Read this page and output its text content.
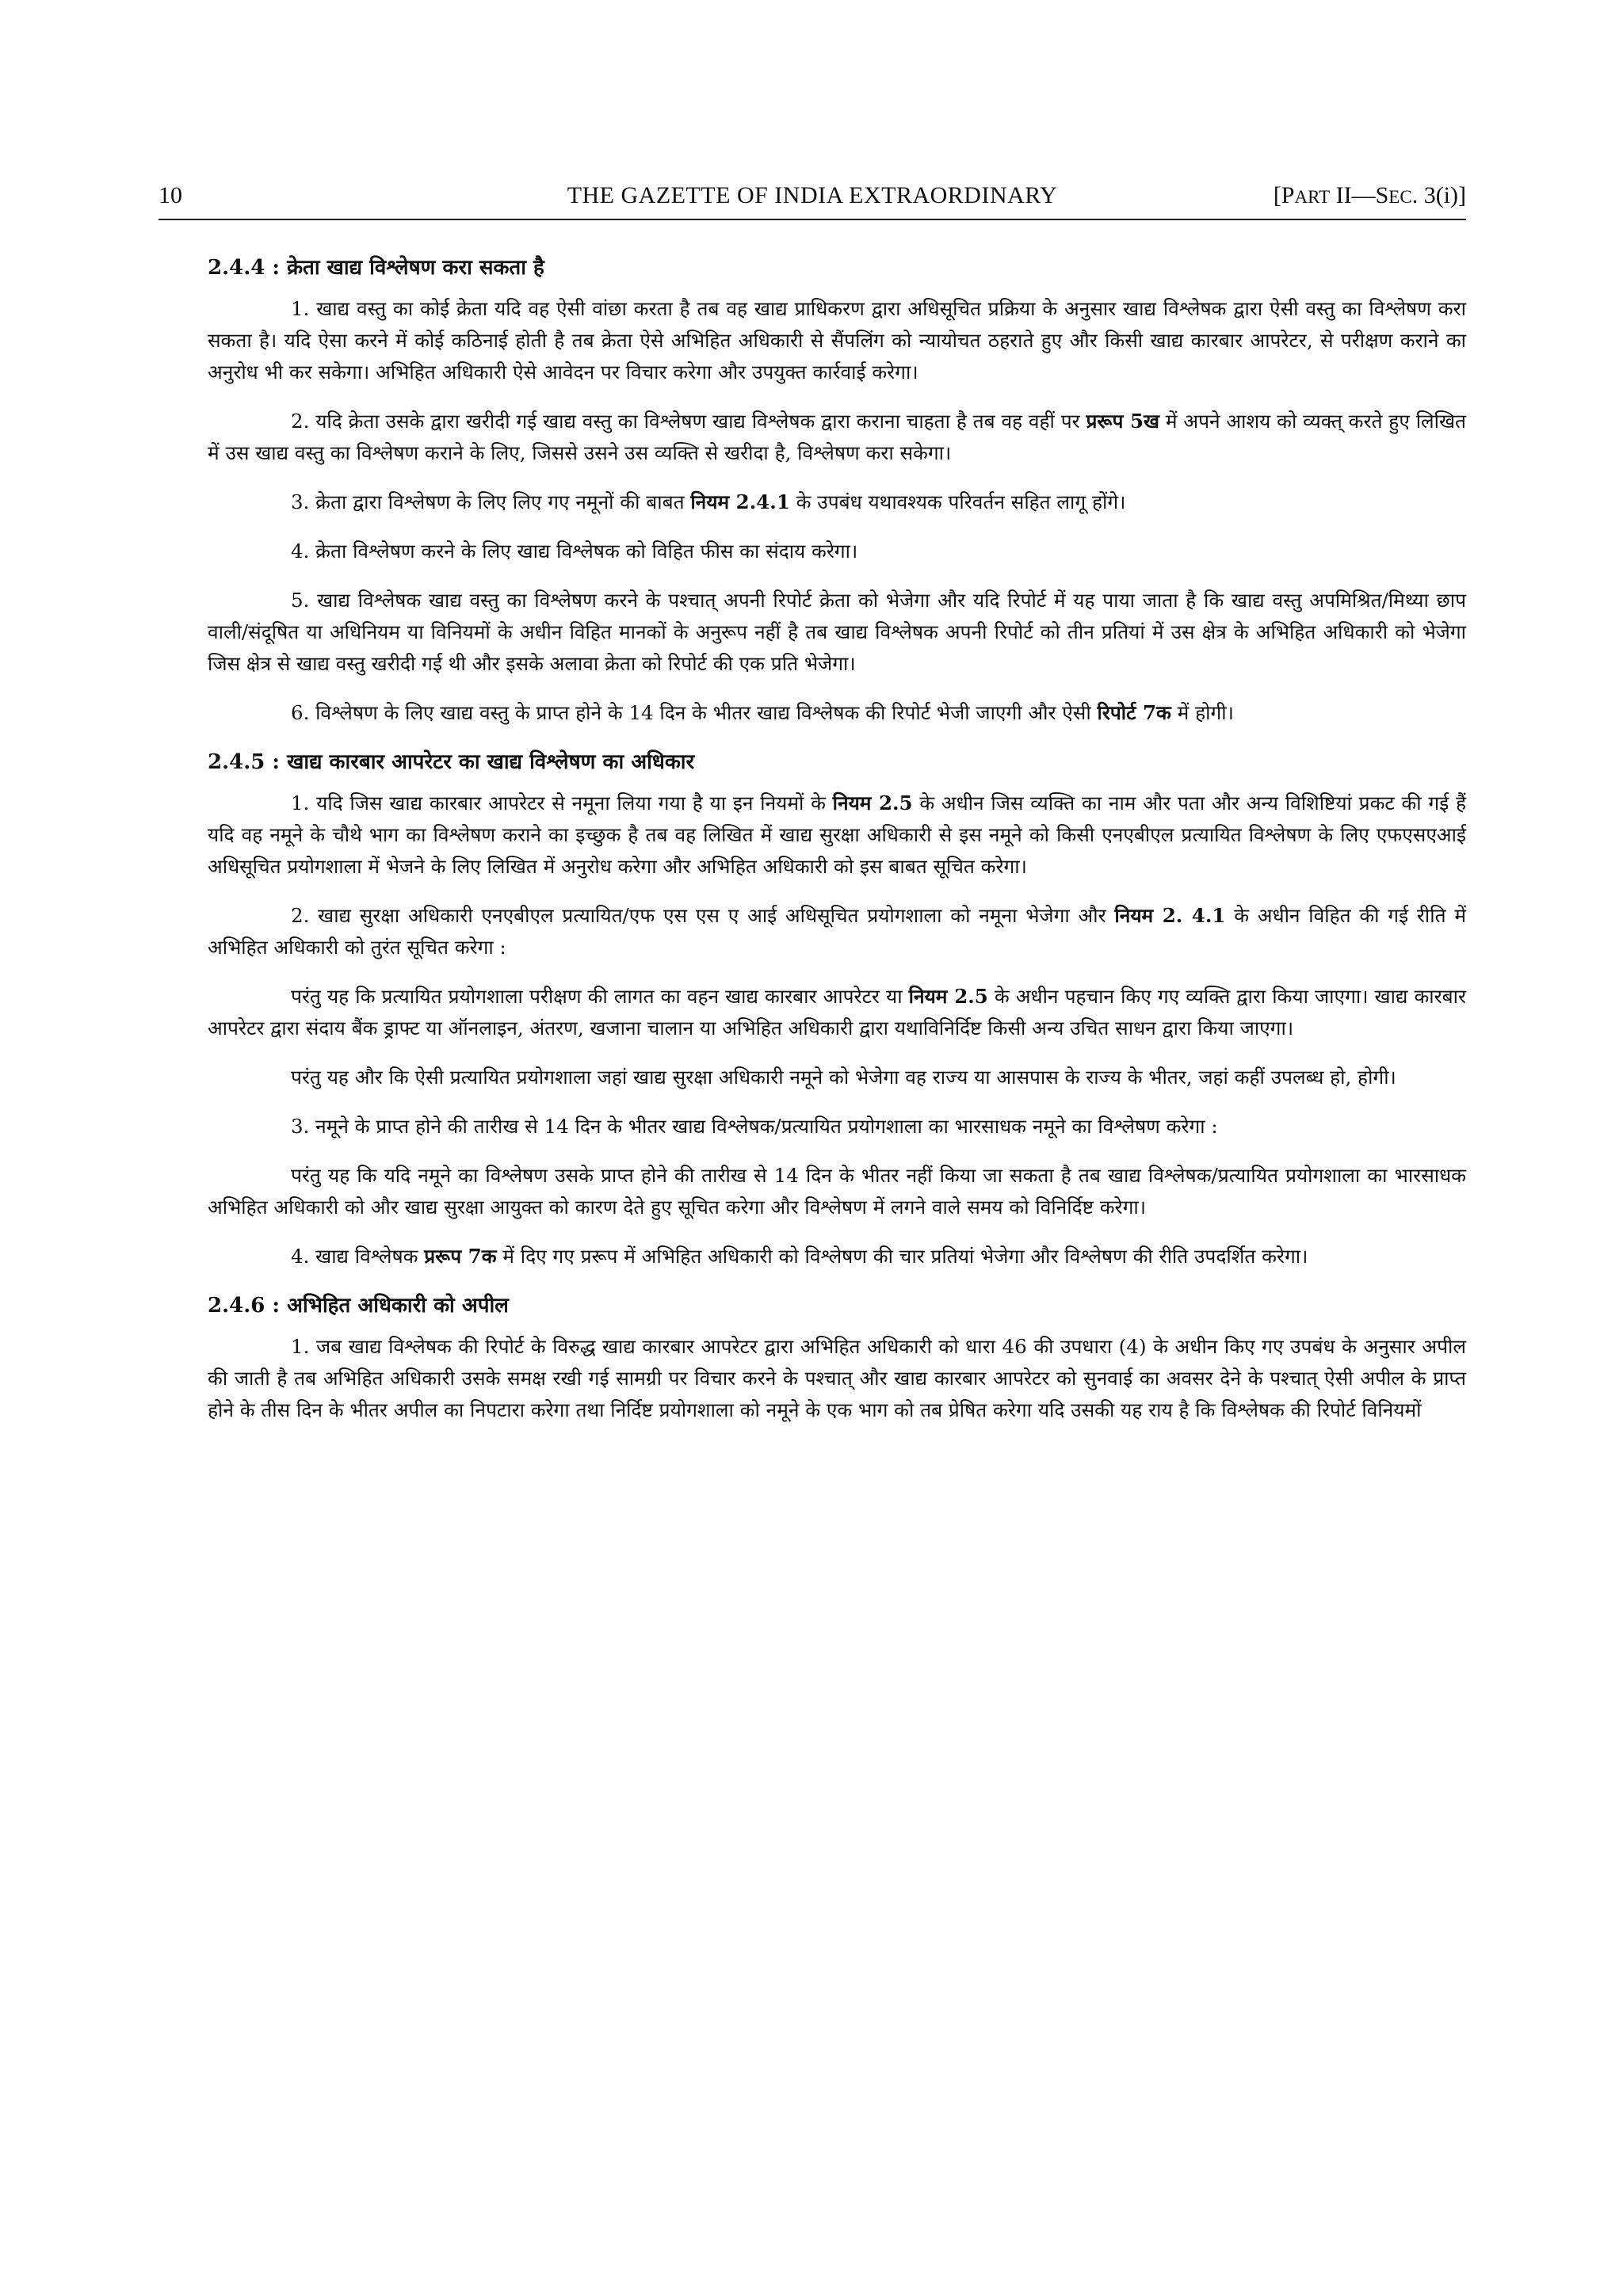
10	THE GAZETTE OF INDIA EXTRAORDINARY	[PART II—SEC. 3(i)]
2.4.4 : क्रेता खाद्य विश्लेषण करा सकता है

1. खाद्य वस्तु का कोई क्रेता यदि वह ऐसी वांछा करता है तब वह खाद्य प्राधिकरण द्वारा अधिसूचित प्रक्रिया के अनुसार खाद्य विश्लेषक द्वारा ऐसी वस्तु का विश्लेषण करा सकता है। यदि ऐसा करने में कोई कठिनाई होती है तब क्रेता ऐसे अभिहित अधिकारी से सैंपलिंग को न्यायोचत ठहराते हुए और किसी खाद्य कारबार आपरेटर, से परीक्षण कराने का अनुरोध भी कर सकेगा। अभिहित अधिकारी ऐसे आवेदन पर विचार करेगा और उपयुक्त कार्रवाई करेगा।

2. यदि क्रेता उसके द्वारा खरीदी गई खाद्य वस्तु का विश्लेषण खाद्य विश्लेषक द्वारा कराना चाहता है तब वह वहीं पर प्ररूप 5ख में अपने आशय को व्यक्त् करते हुए लिखित में उस खाद्य वस्तु का विश्लेषण कराने के लिए, जिससे उसने उस व्यक्ति से खरीदा है, विश्लेषण करा सकेगा।

3. क्रेता द्वारा विश्लेषण के लिए लिए गए नमूनों की बाबत नियम 2.4.1 के उपबंध यथावश्यक परिवर्तन सहित लागू होंगे।

4. क्रेता विश्लेषण करने के लिए खाद्य विश्लेषक को विहित फीस का संदाय करेगा।

5. खाद्य विश्लेषक खाद्य वस्तु का विश्लेषण करने के पश्चात् अपनी रिपोर्ट क्रेता को भेजेगा और यदि रिपोर्ट में यह पाया जाता है कि खाद्य वस्तु अपमिश्रित/मिथ्या छाप वाली/संदूषित या अधिनियम या विनियमों के अधीन विहित मानकों के अनुरूप नहीं है तब खाद्य विश्लेषक अपनी रिपोर्ट को तीन प्रतियां में उस क्षेत्र के अभिहित अधिकारी को भेजेगा जिस क्षेत्र से खाद्य वस्तु खरीदी गई थी और इसके अलावा क्रेता को रिपोर्ट की एक प्रति भेजेगा।

6. विश्लेषण के लिए खाद्य वस्तु के प्राप्त होने के 14 दिन के भीतर खाद्य विश्लेषक की रिपोर्ट भेजी जाएगी और ऐसी रिपोर्ट 7क में होगी।

2.4.5 : खाद्य कारबार आपरेटर का खाद्य विश्लेषण का अधिकार

1. यदि जिस खाद्य कारबार आपरेटर से नमूना लिया गया है या इन नियमों के नियम 2.5 के अधीन जिस व्यक्ति का नाम और पता और अन्य विशिष्टियां प्रकट की गई हैं यदि वह नमूने के चौथे भाग का विश्लेषण कराने का इच्छुक है तब वह लिखित में खाद्य सुरक्षा अधिकारी से इस नमूने को किसी एनएबीएल प्रत्यायित विश्लेषण के लिए एफएसएआई अधिसूचित प्रयोगशाला में भेजने के लिए लिखित में अनुरोध करेगा और अभिहित अधिकारी को इस बाबत सूचित करेगा।

2. खाद्य सुरक्षा अधिकारी एनएबीएल प्रत्यायित/एफ एस एस ए आई अधिसूचित प्रयोगशाला को नमूना भेजेगा और नियम 2. 4.1 के अधीन विहित की गई रीति में अभिहित अधिकारी को तुरंत सूचित करेगा :

परंतु यह कि प्रत्यायित प्रयोगशाला परीक्षण की लागत का वहन खाद्य कारबार आपरेटर या नियम 2.5 के अधीन पहचान किए गए व्यक्ति द्वारा किया जाएगा। खाद्य कारबार आपरेटर द्वारा संदाय बैंक ड्राफ्ट या ऑनलाइन, अंतरण, खजाना चालान या अभिहित अधिकारी द्वारा यथाविनिर्दिष्ट किसी अन्य उचित साधन द्वारा किया जाएगा।

परंतु यह और कि ऐसी प्रत्यायित प्रयोगशाला जहां खाद्य सुरक्षा अधिकारी नमूने को भेजेगा वह राज्य या आसपास के राज्य के भीतर, जहां कहीं उपलब्ध हो, होगी।

3. नमूने के प्राप्त होने की तारीख से 14 दिन के भीतर खाद्य विश्लेषक/प्रत्यायित प्रयोगशाला का भारसाधक नमूने का विश्लेषण करेगा :

परंतु यह कि यदि नमूने का विश्लेषण उसके प्राप्त होने की तारीख से 14 दिन के भीतर नहीं किया जा सकता है तब खाद्य विश्लेषक/प्रत्यायित प्रयोगशाला का भारसाधक अभिहित अधिकारी को और खाद्य सुरक्षा आयुक्त को कारण देते हुए सूचित करेगा और विश्लेषण में लगने वाले समय को विनिर्दिष्ट करेगा।

4. खाद्य विश्लेषक प्ररूप 7क में दिए गए प्ररूप में अभिहित अधिकारी को विश्लेषण की चार प्रतियां भेजेगा और विश्लेषण की रीति उपदर्शित करेगा।

2.4.6 : अभिहित अधिकारी को अपील

1. जब खाद्य विश्लेषक की रिपोर्ट के विरुद्ध खाद्य कारबार आपरेटर द्वारा अभिहित अधिकारी को धारा 46 की उपधारा (4) के अधीन किए गए उपबंध के अनुसार अपील की जाती है तब अभिहित अधिकारी उसके समक्ष रखी गई सामग्री पर विचार करने के पश्चात् और खाद्य कारबार आपरेटर को सुनवाई का अवसर देने के पश्चात् ऐसी अपील के प्राप्त होने के तीस दिन के भीतर अपील का निपटारा करेगा तथा निर्दिष्ट प्रयोगशाला को नमूने के एक भाग को तब प्रेषित करेगा यदि उसकी यह राय है कि विश्लेषक की रिपोर्ट विनियमों
